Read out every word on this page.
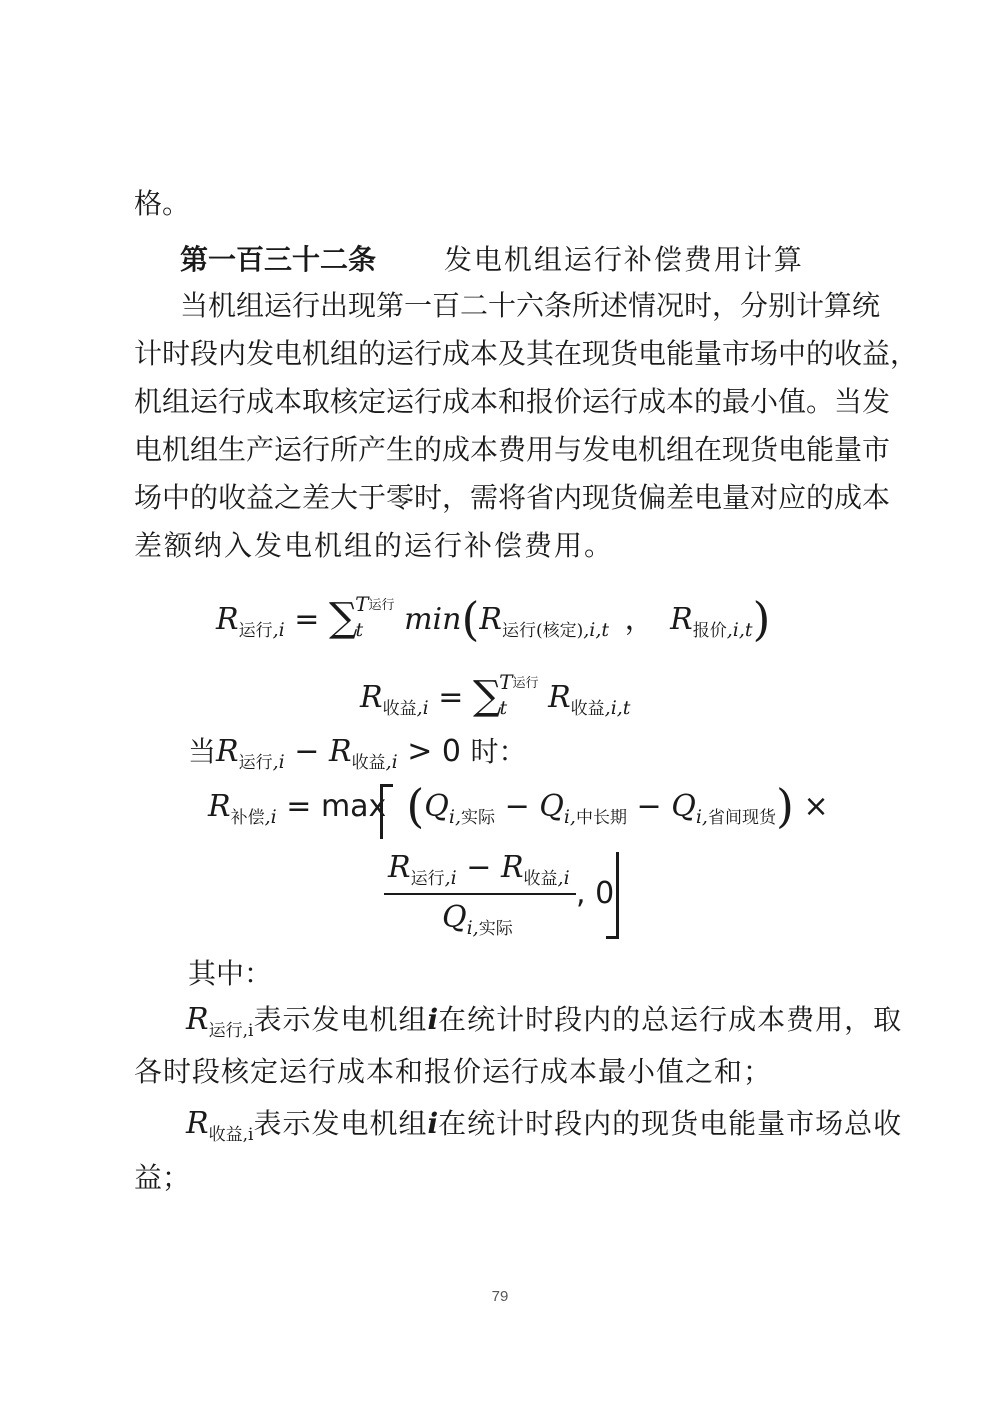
格。
第一百三十二条 发电机组运行补偿费用计算
当机组运行出现第一百二十六条所述情况时，分别计算统
计时段内发电机组的运行成本及其在现货电能量市场中的收益，
机组运行成本取核定运行成本和报价运行成本的最小值。当发
电机组生产运行所产生的成本费用与发电机组在现货电能量市
场中的收益之差大于零时，需将省内现货偏差电量对应的成本
差额纳入发电机组的运行补偿费用。
$R_{运行,i} = \sum_t^{T运行}$ $\min(R_{运行(核定),i,t}$ ， $R_{报价,i,t}$)
$R_{收益,i} = \sum_t^{T运行}$ $R_{收益,i,t}$
当$R_{运行,i} - R_{收益,i} > 0$ 时：
$R_{补偿,i} = \max (Q_{i,实际} - Q_{i,中长期} - Q_{i,省间现货})$ ×
$R_{运行,i} - R_{收益,i}$
$Q_{i,实际}$
, 0
其中：
$R_{运行,i}$表示发电机组i在统计时段内的总运行成本费用，取
各时段核定运行成本和报价运行成本最小值之和；
$R_{收益,i}$表示发电机组i在统计时段内的现货电能量市场总收
益；
79
